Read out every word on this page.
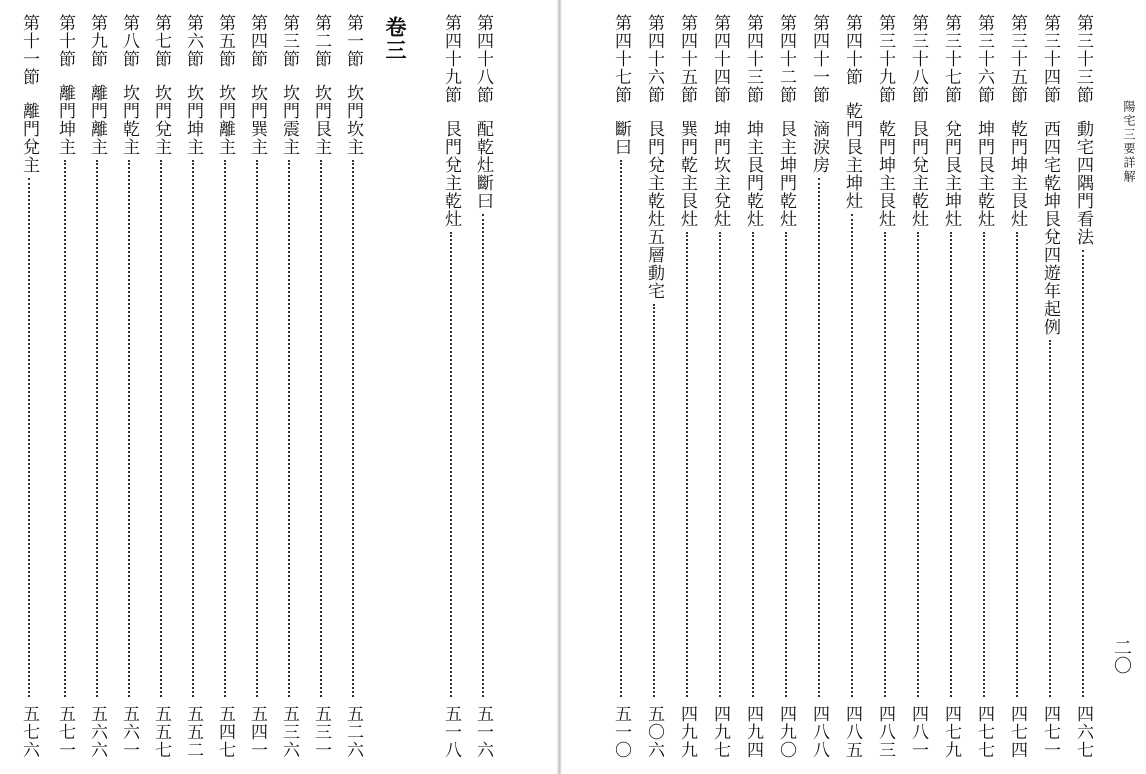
第四十八節
配乾灶斷曰
五一六
第四十九節
艮門兌主乾灶
五一八
卷三
第一節
坎門坎主
五二六
第二節
坎門艮主
五三一
第三節
坎門震主
五三六
第四節
坎門巽主
五四一
第五節
坎門離主
五四七
第六節
坎門坤主
五五二
第七節
坎門兌主
五五七
第八節
坎門乾主
五六一
第九節
離門離主
五六六
第十節
離門坤主
五七一
第十一節
離門兌主
五七六
陽宅三要詳解
二〇
第三十三節
動宅四隅門看法
四六七
第三十四節
西四宅乾坤艮兌四遊年起例
四七一
第三十五節
乾門坤主艮灶
四七四
第三十六節
坤門艮主乾灶
四七七
第三十七節
兌門艮主坤灶
四七九
第三十八節
艮門兌主乾灶
四八一
第三十九節
乾門坤主艮灶
四八三
第四十節
乾門艮主坤灶
四八五
第四十一節
滴淚房
四八八
第四十二節
艮主坤門乾灶
四九〇
第四十三節
坤主艮門乾灶
四九四
第四十四節
坤門坎主兌灶
四九七
第四十五節
巽門乾主艮灶
四九九
第四十六節
艮門兌主乾灶五層動宅
五〇六
第四十七節
斷曰
五一〇
